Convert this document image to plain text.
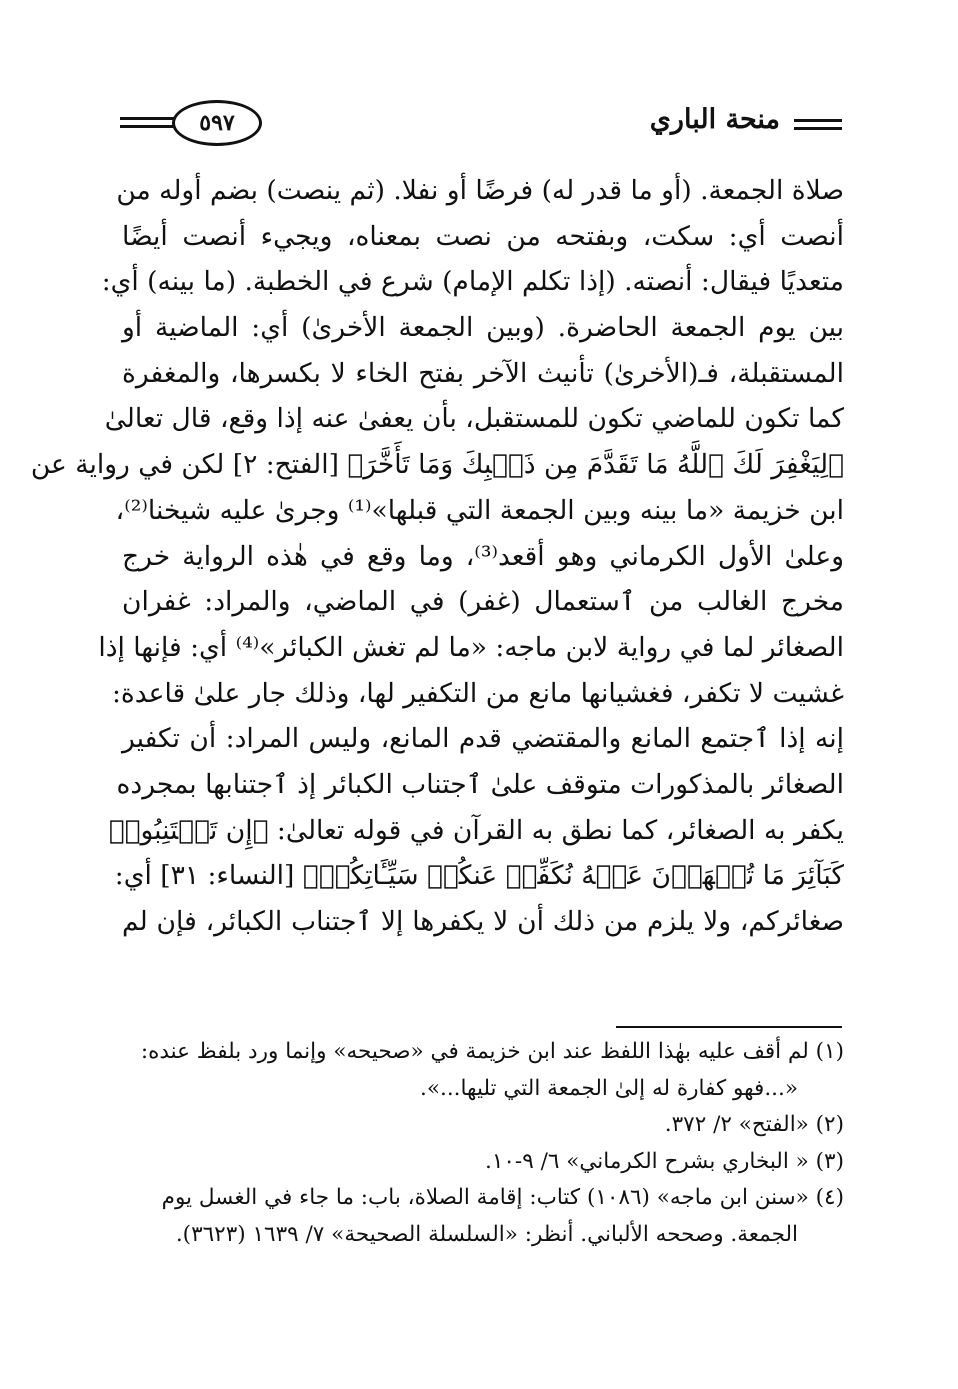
٥٩٧	منحة الباري
صلاة الجمعة. (أو ما قدر له) فرضًا أو نفلا. (ثم ينصت) بضم أوله من
أنصت أي: سكت، وبفتحه من نصت بمعناه، ويجيء أنصت أيضًا
متعديًا فيقال: أنصته. (إذا تكلم الإمام) شرع في الخطبة. (ما بينه) أي:
بين يوم الجمعة الحاضرة. (وبين الجمعة الأخرىٰ) أي: الماضية أو
المستقبلة، فـ(الأخرىٰ) تأنيث الآخر بفتح الخاء لا بكسرها، والمغفرة
كما تكون للماضي تكون للمستقبل، بأن يعفىٰ عنه إذا وقع، قال تعالىٰ
﴿لِيَغْفِرَ لَكَ ٱللَّهُ مَا تَقَدَّمَ مِن ذَنۢبِكَ وَمَا تَأَخَّرَ﴾ [الفتح: ٢] لكن في رواية عن
ابن خزيمة «ما بينه وبين الجمعة التي قبلها»⁽¹⁾ وجرىٰ عليه شيخنا⁽²⁾،
وعلىٰ الأول الكرماني وهو أقعد⁽³⁾، وما وقع في هٰذه الرواية خرج
مخرج الغالب من ٱستعمال (غفر) في الماضي، والمراد: غفران
الصغائر لما في رواية لابن ماجه: «ما لم تغش الكبائر»⁽⁴⁾ أي: فإنها إذا
غشيت لا تكفر، فغشيانها مانع من التكفير لها، وذلك جار علىٰ قاعدة:
إنه إذا ٱجتمع المانع والمقتضي قدم المانع، وليس المراد: أن تكفير
الصغائر بالمذكورات متوقف علىٰ ٱجتناب الكبائر إذ ٱجتنابها بمجرده
يكفر به الصغائر، كما نطق به القرآن في قوله تعالىٰ: ﴿إِن تَجۡتَنِبُوا۟
كَبَآئِرَ مَا تُنۡهَوۡنَ عَنۡهُ نُكَفِّرۡ عَنكُمۡ سَيِّـَٔاتِكُمۡ﴾ [النساء: ٣١] أي:
صغائركم، ولا يلزم من ذلك أن لا يكفرها إلا ٱجتناب الكبائر، فإن لم
(١) لم أقف عليه بهٰذا اللفظ عند ابن خزيمة في «صحيحه» وإنما ورد بلفظ عنده:
«...فهو كفارة له إلىٰ الجمعة التي تليها...».
(٢) «الفتح» ٢/ ٣٧٢.
(٣) « البخاري بشرح الكرماني» ٦/ ٩-١٠.
(٤) «سنن ابن ماجه» (١٠٨٦) كتاب: إقامة الصلاة، باب: ما جاء في الغسل يوم
الجمعة. وصححه الألباني. أنظر: «السلسلة الصحيحة» ٧/ ١٦٣٩ (٣٦٢٣).
